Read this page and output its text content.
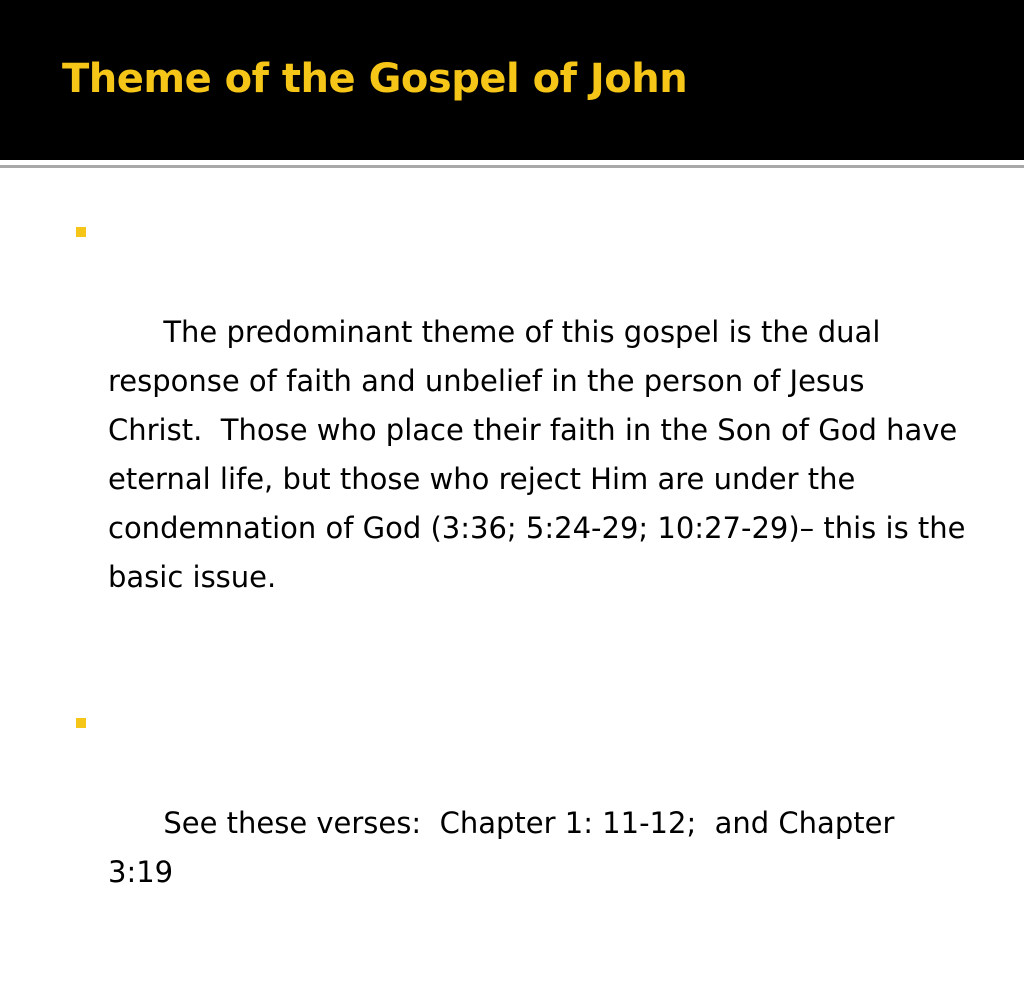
Theme of the Gospel of John

The predominant theme of this gospel is the dual response of faith and unbelief in the person of Jesus Christ.  Those who place their faith in the Son of God have eternal life, but those who reject Him are under the condemnation of God (3:36; 5:24-29; 10:27-29)– this is the basic issue.

See these verses:  Chapter 1: 11-12;  and Chapter 3:19
